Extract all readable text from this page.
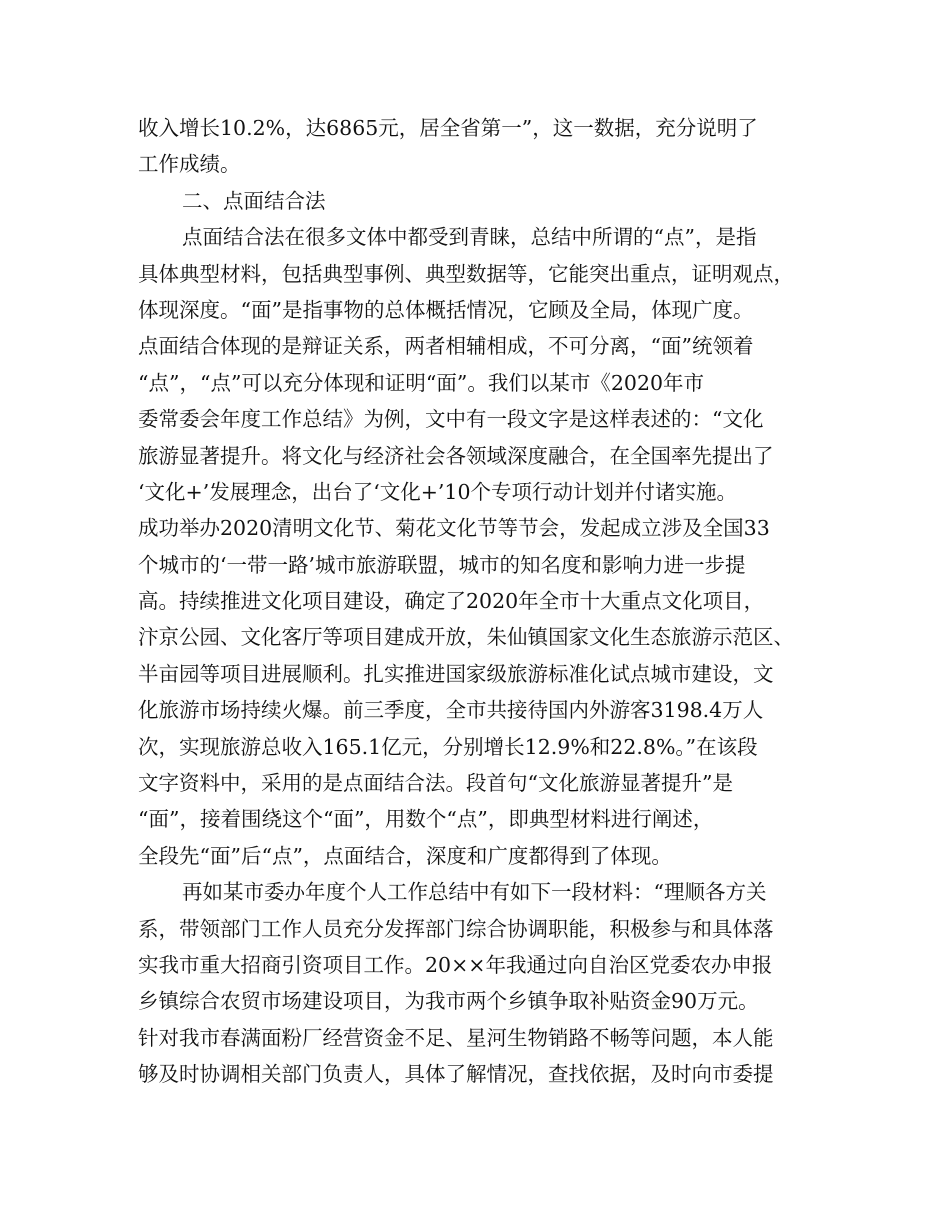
收入增长10.2%，达6865元，居全省第一”，这一数据，充分说明了
工作成绩。
二、点面结合法
点面结合法在很多文体中都受到青睐，总结中所谓的“点”，是指
具体典型材料，包括典型事例、典型数据等，它能突出重点，证明观点，
体现深度。“面”是指事物的总体概括情况，它顾及全局，体现广度。
点面结合体现的是辩证关系，两者相辅相成，不可分离，“面”统领着
“点”，“点”可以充分体现和证明“面”。我们以某市《2020年市
委常委会年度工作总结》为例，文中有一段文字是这样表述的：“文化
旅游显著提升。将文化与经济社会各领域深度融合，在全国率先提出了
‘文化+’发展理念，出台了‘文化+’10个专项行动计划并付诸实施。
成功举办2020清明文化节、菊花文化节等节会，发起成立涉及全国33
个城市的‘一带一路’城市旅游联盟，城市的知名度和影响力进一步提
高。持续推进文化项目建设，确定了2020年全市十大重点文化项目，
汴京公园、文化客厅等项目建成开放，朱仙镇国家文化生态旅游示范区、
半亩园等项目进展顺利。扎实推进国家级旅游标准化试点城市建设，文
化旅游市场持续火爆。前三季度，全市共接待国内外游客3198.4万人
次，实现旅游总收入165.1亿元，分别增长12.9%和22.8%。”在该段
文字资料中，采用的是点面结合法。段首句“文化旅游显著提升”是
“面”，接着围绕这个“面”，用数个“点”，即典型材料进行阐述，
全段先“面”后“点”，点面结合，深度和广度都得到了体现。
再如某市委办年度个人工作总结中有如下一段材料：“理顺各方关
系，带领部门工作人员充分发挥部门综合协调职能，积极参与和具体落
实我市重大招商引资项目工作。20××年我通过向自治区党委农办申报
乡镇综合农贸市场建设项目，为我市两个乡镇争取补贴资金90万元。
针对我市春满面粉厂经营资金不足、星河生物销路不畅等问题，本人能
够及时协调相关部门负责人，具体了解情况，查找依据，及时向市委提
